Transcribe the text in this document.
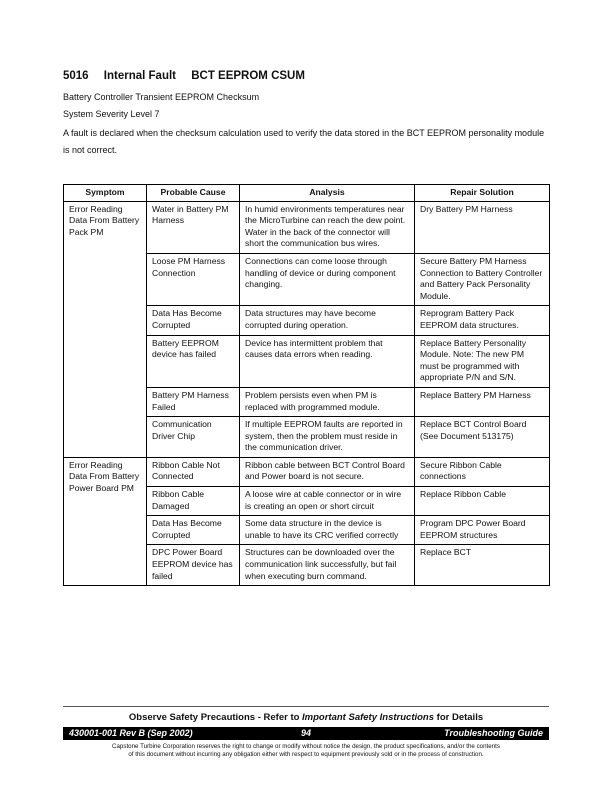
5016 Internal Fault BCT EEPROM CSUM
Battery Controller Transient EEPROM Checksum
System Severity Level 7
A fault is declared when the checksum calculation used to verify the data stored in the BCT EEPROM personality module is not correct.
Symptom	Probable Cause	Analysis	Repair Solution
Error Reading Data From Battery Pack PM	Water in Battery PM Harness	In humid environments temperatures near the MicroTurbine can reach the dew point. Water in the back of the connector will short the communication bus wires.	Dry Battery PM Harness
	Loose PM Harness Connection	Connections can come loose through handling of device or during component changing.	Secure Battery PM Harness Connection to Battery Controller and Battery Pack Personality Module.
	Data Has Become Corrupted	Data structures may have become corrupted during operation.	Reprogram Battery Pack EEPROM data structures.
	Battery EEPROM device has failed	Device has intermittent problem that causes data errors when reading.	Replace Battery Personality Module. Note: The new PM must be programmed with appropriate P/N and S/N.
	Battery PM Harness Failed	Problem persists even when PM is replaced with programmed module.	Replace Battery PM Harness
	Communication Driver Chip	If multiple EEPROM faults are reported in system, then the problem must reside in the communication driver.	Replace BCT Control Board (See Document 513175)
Error Reading Data From Battery Power Board PM	Ribbon Cable Not Connected	Ribbon cable between BCT Control Board and Power board is not secure.	Secure Ribbon Cable connections
	Ribbon Cable Damaged	A loose wire at cable connector or in wire is creating an open or short circuit	Replace Ribbon Cable
	Data Has Become Corrupted	Some data structure in the device is unable to have its CRC verified correctly	Program DPC Power Board EEPROM structures
	DPC Power Board EEPROM device has failed	Structures can be downloaded over the communication link successfully, but fail when executing burn command.	Replace BCT
Observe Safety Precautions - Refer to Important Safety Instructions for Details
430001-001 Rev B (Sep 2002)	94	Troubleshooting Guide
Capstone Turbine Corporation reserves the right to change or modify without notice the design, the product specifications, and/or the contents
of this document without incurring any obligation either with respect to equipment previously sold or in the process of construction.
